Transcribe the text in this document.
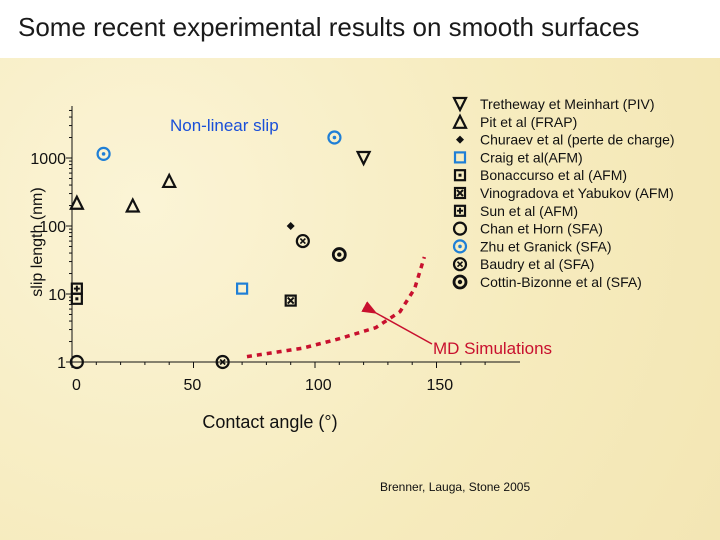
Some recent experimental results on smooth surfaces
0	50	100	150
1
10
100
1000
MD Simulations
Non-linear slip
Tretheway et Meinhart (PIV)
Pit et al (FRAP)
Churaev et al (perte de charge)
Craig et al(AFM)
Bonaccurso et al (AFM)
Vinogradova et Yabukov (AFM)
Sun et al (AFM)
Chan et Horn (SFA)
Zhu et Granick (SFA)
Baudry et al (SFA)
Cottin-Bizonne et al (SFA)
Contact angle (°)
slip length (nm)
Brenner, Lauga, Stone 2005
